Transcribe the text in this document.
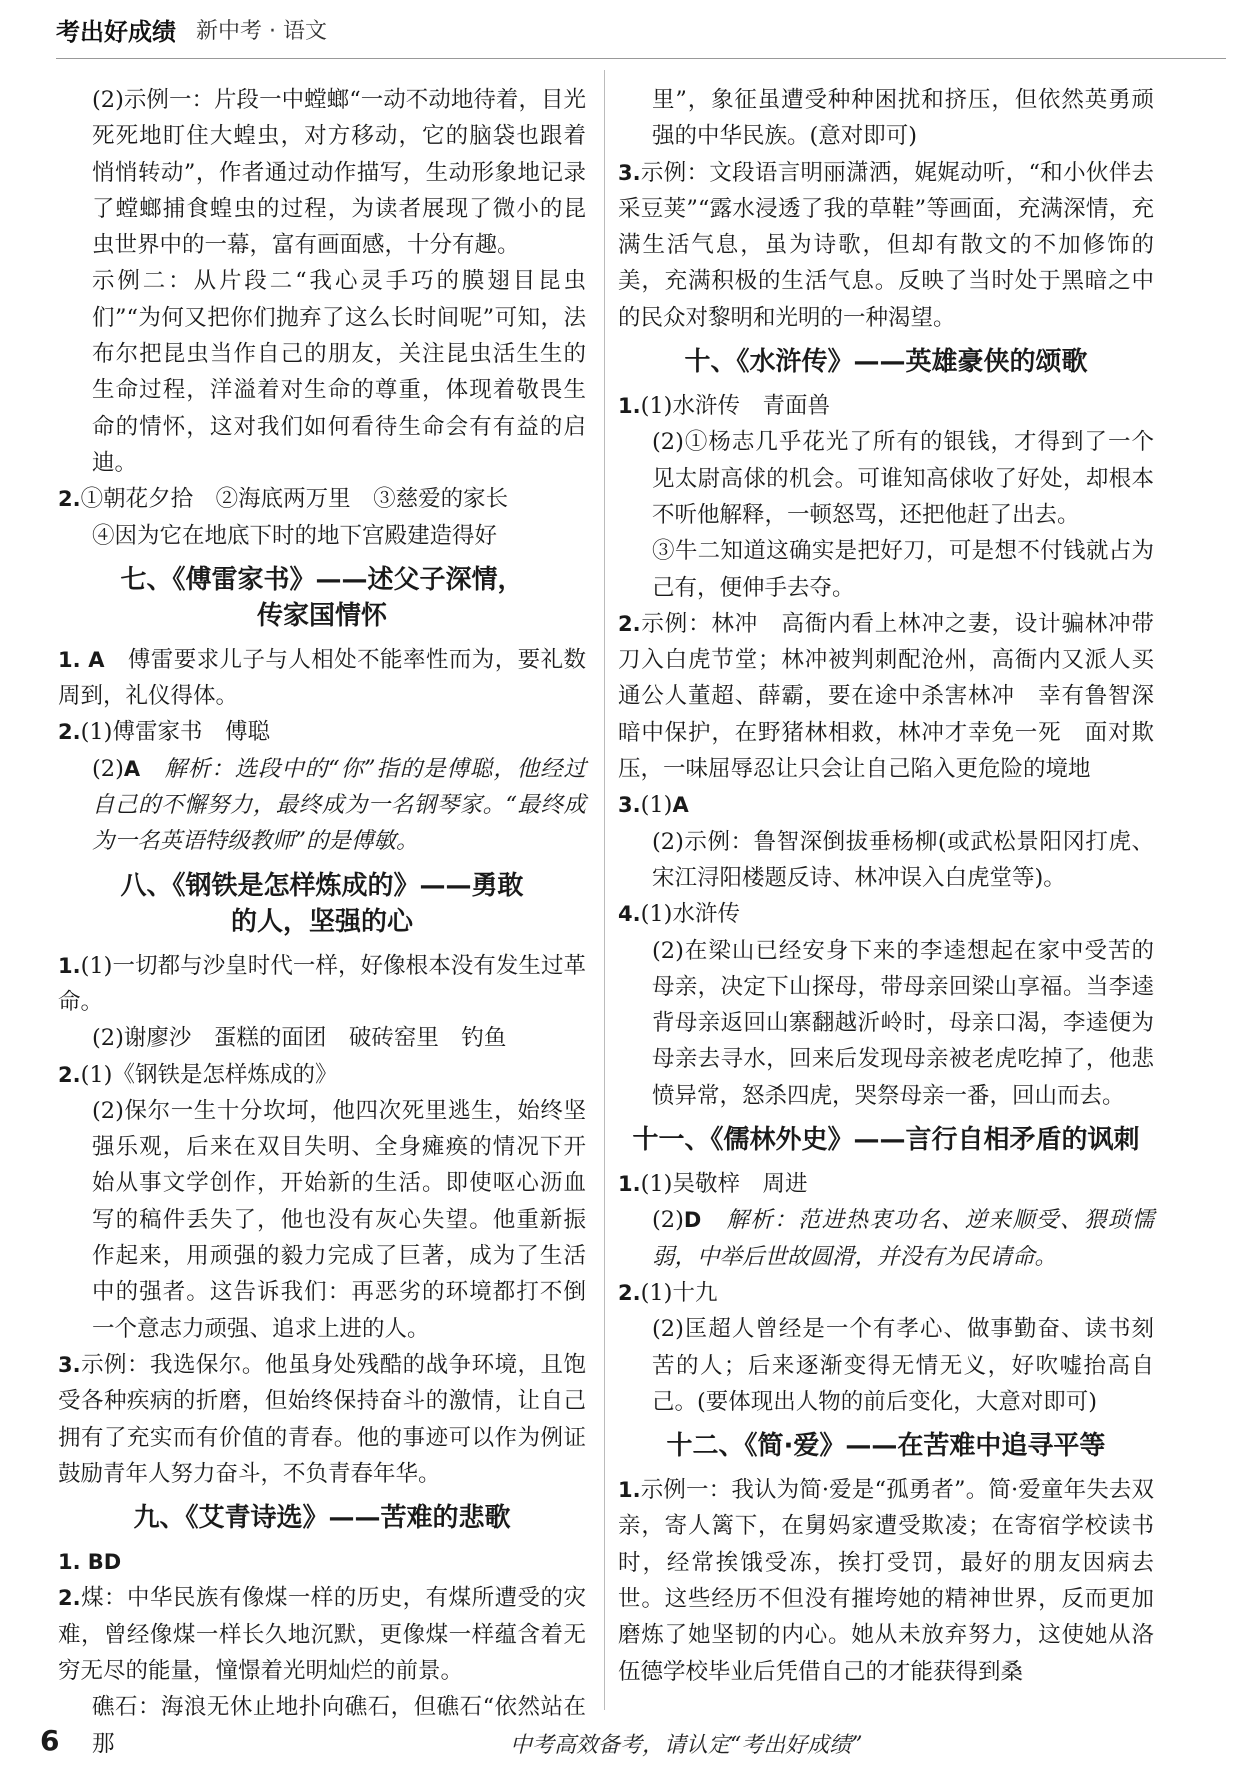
考出好成绩 新中考 · 语文

(2)示例一：片段一中螳螂“一动不动地待着，目光死死地盯住大蝗虫，对方移动，它的脑袋也跟着悄悄转动”，作者通过动作描写，生动形象地记录了螳螂捕食蝗虫的过程，为读者展现了微小的昆虫世界中的一幕，富有画面感，十分有趣。

示例二：从片段二“我心灵手巧的膜翅目昆虫们”“为何又把你们抛弃了这么长时间呢”可知，法布尔把昆虫当作自己的朋友，关注昆虫活生生的生命过程，洋溢着对生命的尊重，体现着敬畏生命的情怀，这对我们如何看待生命会有有益的启迪。

2.①朝花夕拾　②海底两万里　③慈爱的家长

④因为它在地底下时的地下宫殿建造得好

七、《傅雷家书》——述父子深情，
传家国情怀

1. A　 傅雷要求儿子与人相处不能率性而为，要礼数周到，礼仪得体。

2.(1)傅雷家书　傅聪

(2)A　 解析：选段中的“你”指的是傅聪，他经过自己的不懈努力，最终成为一名钢琴家。“最终成为一名英语特级教师”的是傅敏。

八、《钢铁是怎样炼成的》——勇敢
的人，坚强的心

1.(1)一切都与沙皇时代一样，好像根本没有发生过革命。

(2)谢廖沙　蛋糕的面团　破砖窑里　钓鱼

2.(1)《钢铁是怎样炼成的》

(2)保尔一生十分坎坷，他四次死里逃生，始终坚强乐观，后来在双目失明、全身瘫痪的情况下开始从事文学创作，开始新的生活。即使呕心沥血写的稿件丢失了，他也没有灰心失望。他重新振作起来，用顽强的毅力完成了巨著，成为了生活中的强者。这告诉我们：再恶劣的环境都打不倒一个意志力顽强、追求上进的人。

3.示例：我选保尔。他虽身处残酷的战争环境，且饱受各种疾病的折磨，但始终保持奋斗的激情，让自己拥有了充实而有价值的青春。他的事迹可以作为例证鼓励青年人努力奋斗，不负青春年华。

九、《艾青诗选》——苦难的悲歌

1. BD

2.煤：中华民族有像煤一样的历史，有煤所遭受的灾难，曾经像煤一样长久地沉默，更像煤一样蕴含着无穷无尽的能量，憧憬着光明灿烂的前景。

礁石：海浪无休止地扑向礁石，但礁石“依然站在那

里”，象征虽遭受种种困扰和挤压，但依然英勇顽强的中华民族。(意对即可)

3.示例：文段语言明丽潇洒，娓娓动听，“和小伙伴去采豆荚”“露水浸透了我的草鞋”等画面，充满深情，充满生活气息，虽为诗歌，但却有散文的不加修饰的美，充满积极的生活气息。反映了当时处于黑暗之中的民众对黎明和光明的一种渴望。

十、《水浒传》——英雄豪侠的颂歌

1.(1)水浒传　青面兽

(2)①杨志几乎花光了所有的银钱，才得到了一个见太尉高俅的机会。可谁知高俅收了好处，却根本不听他解释，一顿怒骂，还把他赶了出去。

③牛二知道这确实是把好刀，可是想不付钱就占为己有，便伸手去夺。

2.示例：林冲　高衙内看上林冲之妻，设计骗林冲带刀入白虎节堂；林冲被判刺配沧州，高衙内又派人买通公人董超、薛霸，要在途中杀害林冲　幸有鲁智深暗中保护，在野猪林相救，林冲才幸免一死　面对欺压，一味屈辱忍让只会让自己陷入更危险的境地

3.(1)A

(2)示例：鲁智深倒拔垂杨柳(或武松景阳冈打虎、宋江浔阳楼题反诗、林冲误入白虎堂等)。

4.(1)水浒传

(2)在梁山已经安身下来的李逵想起在家中受苦的母亲，决定下山探母，带母亲回梁山享福。当李逵背母亲返回山寨翻越沂岭时，母亲口渴，李逵便为母亲去寻水，回来后发现母亲被老虎吃掉了，他悲愤异常，怒杀四虎，哭祭母亲一番，回山而去。

十一、《儒林外史》——言行自相矛盾的讽刺

1.(1)吴敬梓　周进

(2)D　 解析：范进热衷功名、逆来顺受、猥琐懦弱，中举后世故圆滑，并没有为民请命。

2.(1)十九

(2)匡超人曾经是一个有孝心、做事勤奋、读书刻苦的人；后来逐渐变得无情无义，好吹嘘抬高自己。(要体现出人物的前后变化，大意对即可)

十二、《简·爱》——在苦难中追寻平等

1.示例一：我认为简·爱是“孤勇者”。简·爱童年失去双亲，寄人篱下，在舅妈家遭受欺凌；在寄宿学校读书时，经常挨饿受冻，挨打受罚，最好的朋友因病去世。这些经历不但没有摧垮她的精神世界，反而更加磨炼了她坚韧的内心。她从未放弃努力，这使她从洛伍德学校毕业后凭借自己的才能获得到桑

6	中考高效备考，请认定“考出好成绩”
